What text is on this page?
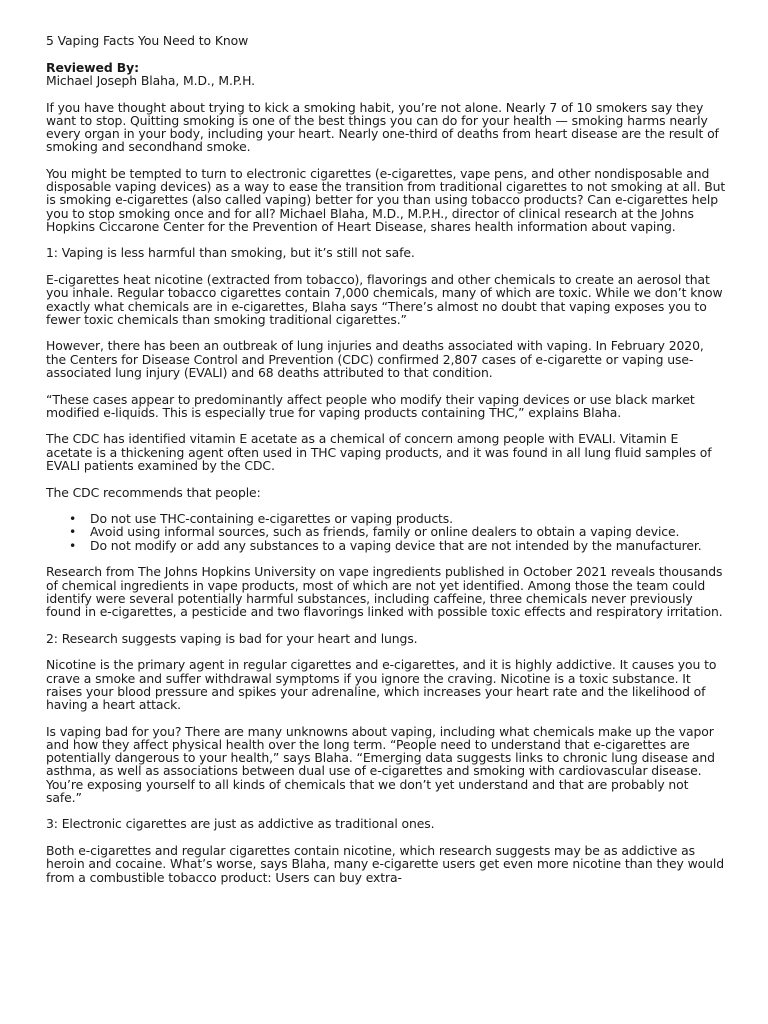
5 Vaping Facts You Need to Know

Reviewed By:
Michael Joseph Blaha, M.D., M.P.H.

If you have thought about trying to kick a smoking habit, you’re not alone. Nearly 7 of 10 smokers say they want to stop. Quitting smoking is one of the best things you can do for your health — smoking harms nearly every organ in your body, including your heart. Nearly one-third of deaths from heart disease are the result of smoking and secondhand smoke.

You might be tempted to turn to electronic cigarettes (e-cigarettes, vape pens, and other nondisposable and disposable vaping devices) as a way to ease the transition from traditional cigarettes to not smoking at all. But is smoking e-cigarettes (also called vaping) better for you than using tobacco products? Can e-cigarettes help you to stop smoking once and for all? Michael Blaha, M.D., M.P.H., director of clinical research at the Johns Hopkins Ciccarone Center for the Prevention of Heart Disease, shares health information about vaping.

1: Vaping is less harmful than smoking, but it’s still not safe.

E-cigarettes heat nicotine (extracted from tobacco), flavorings and other chemicals to create an aerosol that you inhale. Regular tobacco cigarettes contain 7,000 chemicals, many of which are toxic. While we don’t know exactly what chemicals are in e-cigarettes, Blaha says “There’s almost no doubt that vaping exposes you to fewer toxic chemicals than smoking traditional cigarettes.”

However, there has been an outbreak of lung injuries and deaths associated with vaping. In February 2020, the Centers for Disease Control and Prevention (CDC) confirmed 2,807 cases of e-cigarette or vaping use-associated lung injury (EVALI) and 68 deaths attributed to that condition.

“These cases appear to predominantly affect people who modify their vaping devices or use black market modified e-liquids. This is especially true for vaping products containing THC,” explains Blaha.

The CDC has identified vitamin E acetate as a chemical of concern among people with EVALI. Vitamin E acetate is a thickening agent often used in THC vaping products, and it was found in all lung fluid samples of EVALI patients examined by the CDC.

The CDC recommends that people:

• Do not use THC-containing e-cigarettes or vaping products.
• Avoid using informal sources, such as friends, family or online dealers to obtain a vaping device.
• Do not modify or add any substances to a vaping device that are not intended by the manufacturer.

Research from The Johns Hopkins University on vape ingredients published in October 2021 reveals thousands of chemical ingredients in vape products, most of which are not yet identified. Among those the team could identify were several potentially harmful substances, including caffeine, three chemicals never previously found in e-cigarettes, a pesticide and two flavorings linked with possible toxic effects and respiratory irritation.

2: Research suggests vaping is bad for your heart and lungs.

Nicotine is the primary agent in regular cigarettes and e-cigarettes, and it is highly addictive. It causes you to crave a smoke and suffer withdrawal symptoms if you ignore the craving. Nicotine is a toxic substance. It raises your blood pressure and spikes your adrenaline, which increases your heart rate and the likelihood of having a heart attack.

Is vaping bad for you? There are many unknowns about vaping, including what chemicals make up the vapor and how they affect physical health over the long term. “People need to understand that e-cigarettes are potentially dangerous to your health,” says Blaha. “Emerging data suggests links to chronic lung disease and asthma, as well as associations between dual use of e-cigarettes and smoking with cardiovascular disease. You’re exposing yourself to all kinds of chemicals that we don’t yet understand and that are probably not safe.”

3: Electronic cigarettes are just as addictive as traditional ones.

Both e-cigarettes and regular cigarettes contain nicotine, which research suggests may be as addictive as heroin and cocaine. What’s worse, says Blaha, many e-cigarette users get even more nicotine than they would from a combustible tobacco product: Users can buy extra-
